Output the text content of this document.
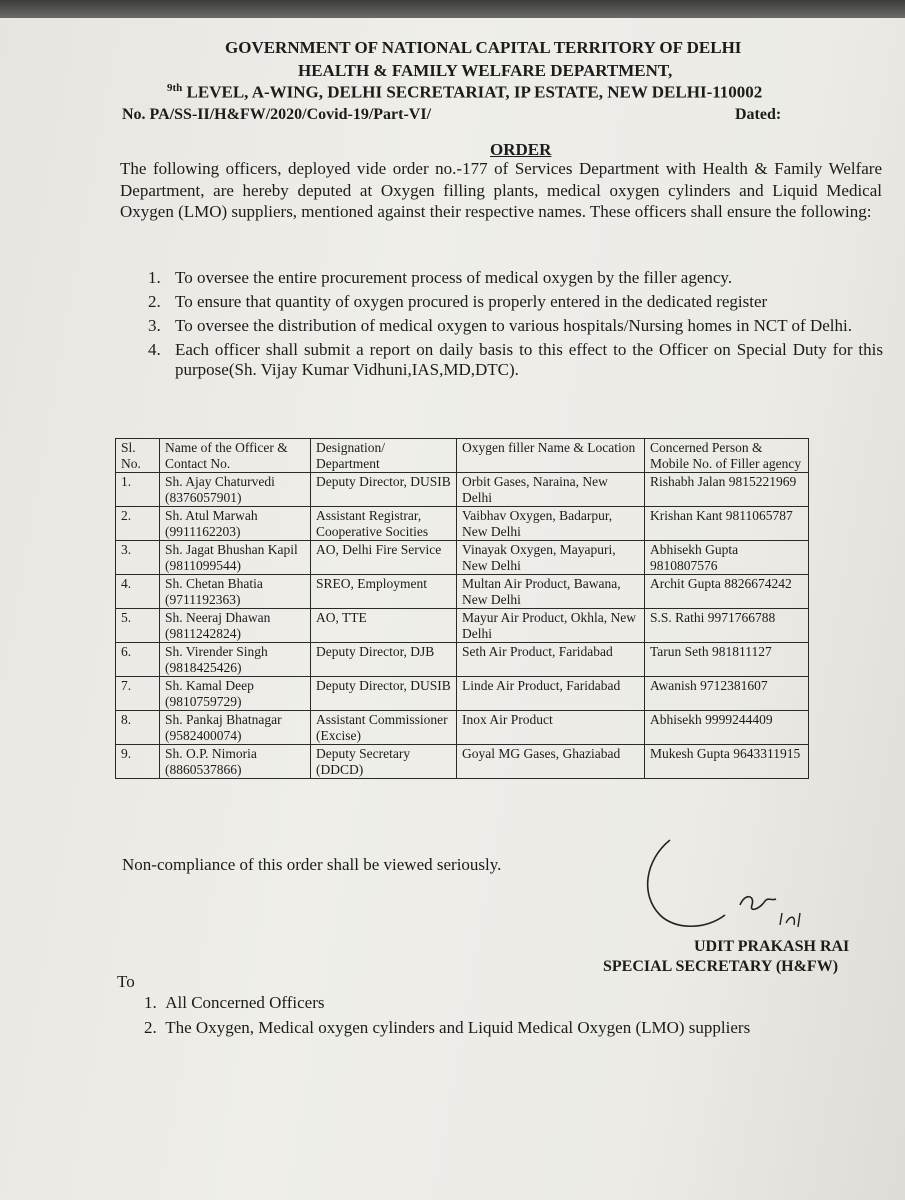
GOVERNMENT OF NATIONAL CAPITAL TERRITORY OF DELHI
HEALTH & FAMILY WELFARE DEPARTMENT,
$^{9th}$ LEVEL, A-WING, DELHI SECRETARIAT, IP ESTATE, NEW DELHI-110002
No. PA/SS-II/H&FW/2020/Covid-19/Part-VI/	Dated:
ORDER
The following officers, deployed vide order no.-177 of Services Department with Health & Family Welfare Department, are hereby deputed at Oxygen filling plants, medical oxygen cylinders and Liquid Medical Oxygen (LMO) suppliers, mentioned against their respective names. These officers shall ensure the following:
1. To oversee the entire procurement process of medical oxygen by the filler agency.
2. To ensure that quantity of oxygen procured is properly entered in the dedicated register
3. To oversee the distribution of medical oxygen to various hospitals/Nursing homes in NCT of Delhi.
4. Each officer shall submit a report on daily basis to this effect to the Officer on Special Duty for this purpose(Sh. Vijay Kumar Vidhuni,IAS,MD,DTC).
Sl. No.	Name of the Officer & Contact No.	Designation/ Department	Oxygen filler Name & Location	Concerned Person & Mobile No. of Filler agency
1.	Sh. Ajay Chaturvedi (8376057901)	Deputy Director, DUSIB	Orbit Gases, Naraina, New Delhi	Rishabh Jalan 9815221969
2.	Sh. Atul Marwah (9911162203)	Assistant Registrar, Cooperative Socities	Vaibhav Oxygen, Badarpur, New Delhi	Krishan Kant 9811065787
3.	Sh. Jagat Bhushan Kapil (9811099544)	AO, Delhi Fire Service	Vinayak Oxygen, Mayapuri, New Delhi	Abhisekh Gupta 9810807576
4.	Sh. Chetan Bhatia (9711192363)	SREO, Employment	Multan Air Product, Bawana, New Delhi	Archit Gupta 8826674242
5.	Sh. Neeraj Dhawan (9811242824)	AO, TTE	Mayur Air Product, Okhla, New Delhi	S.S. Rathi 9971766788
6.	Sh. Virender Singh (9818425426)	Deputy Director, DJB	Seth Air Product, Faridabad	Tarun Seth 981811127
7.	Sh. Kamal Deep (9810759729)	Deputy Director, DUSIB	Linde Air Product, Faridabad	Awanish 9712381607
8.	Sh. Pankaj Bhatnagar (9582400074)	Assistant Commissioner (Excise)	Inox Air Product	Abhisekh 9999244409
9.	Sh. O.P. Nimoria (8860537866)	Deputy Secretary (DDCD)	Goyal MG Gases, Ghaziabad	Mukesh Gupta 9643311915
Non-compliance of this order shall be viewed seriously.
UDIT PRAKASH RAI
SPECIAL SECRETARY (H&FW)
To
1. All Concerned Officers
2. The Oxygen, Medical oxygen cylinders and Liquid Medical Oxygen (LMO) suppliers
